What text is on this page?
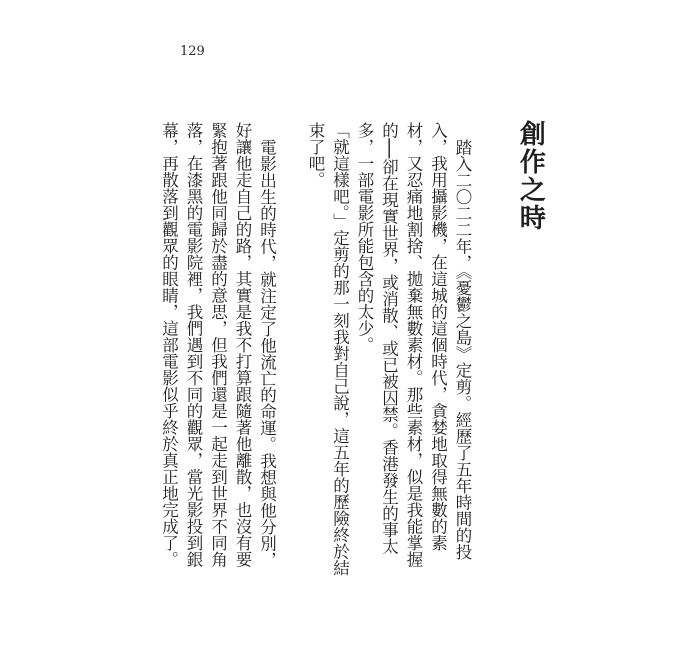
129
創作之時

踏入二〇二二年，《憂鬱之島》定剪。經歷了五年時間的投入，我用攝影機，在這城的這個時代，貪婪地取得無數的素材，又忍痛地割捨、拋棄無數素材。那些素材，似是我能掌握的──卻在現實世界，或消散、或已被囚禁。香港發生的事太多，一部電影所能包含的太少。

「就這樣吧。」定剪的那一刻我對自己說，這五年的歷險終於結束了吧。

電影出生的時代，就注定了他流亡的命運。我想與他分別，好讓他走自己的路，其實是我不打算跟隨著他離散，也沒有要緊抱著跟他同歸於盡的意思，但我們還是一起走到世界不同角落，在漆黑的電影院裡，我們遇到不同的觀眾，當光影投到銀幕，再散落到觀眾的眼睛，這部電影似乎終於真正地完成了。
